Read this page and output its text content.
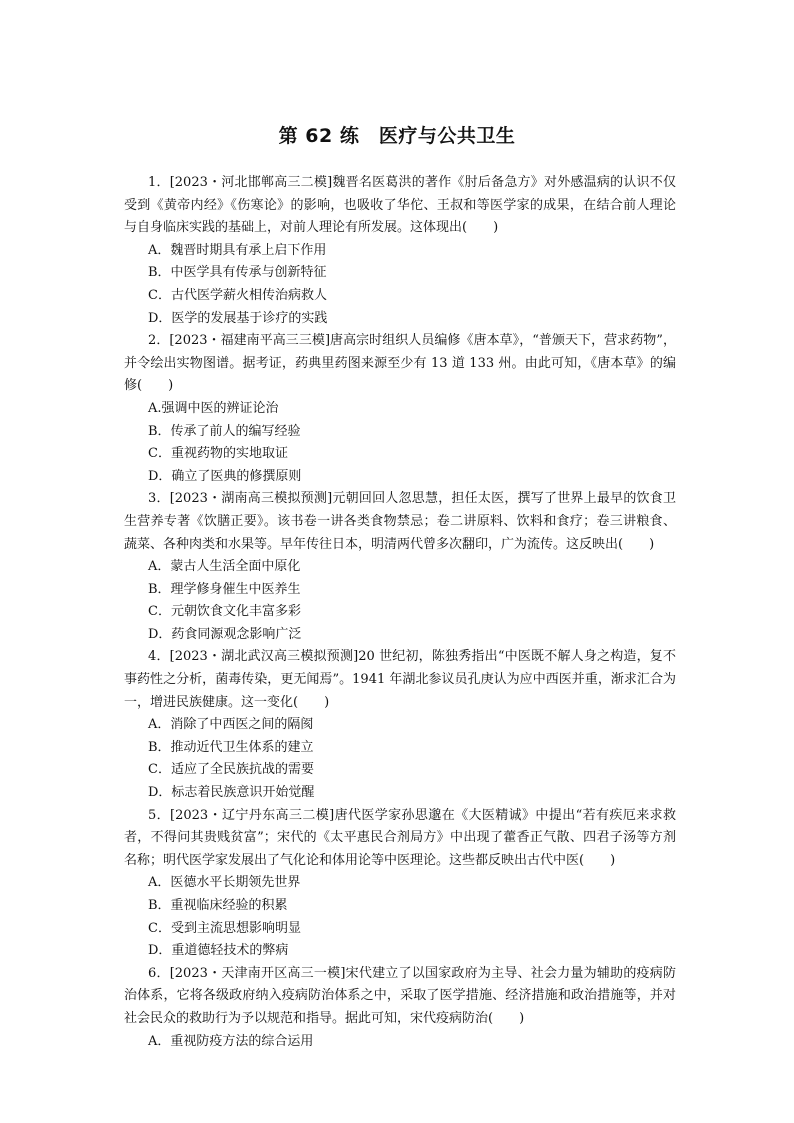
第 62 练　医疗与公共卫生

1．[2023・河北邯郸高三二模]魏晋名医葛洪的著作《肘后备急方》对外感温病的认识不仅受到《黄帝内经》《伤寒论》的影响，也吸收了华佗、王叔和等医学家的成果，在结合前人理论与自身临床实践的基础上，对前人理论有所发展。这体现出(　　)

A．魏晋时期具有承上启下作用

B．中医学具有传承与创新特征

C．古代医学薪火相传治病救人

D．医学的发展基于诊疗的实践

2．[2023・福建南平高三三模]唐高宗时组织人员编修《唐本草》，“普颁天下，营求药物”，并令绘出实物图谱。据考证，药典里药图来源至少有 13 道 133 州。由此可知，《唐本草》的编修(　　)

A.强调中医的辨证论治

B．传承了前人的编写经验

C．重视药物的实地取证

D．确立了医典的修撰原则

3．[2023・湖南高三模拟预测]元朝回回人忽思慧，担任太医，撰写了世界上最早的饮食卫生营养专著《饮膳正要》。该书卷一讲各类食物禁忌；卷二讲原料、饮料和食疗；卷三讲粮食、蔬菜、各种肉类和水果等。早年传往日本，明清两代曾多次翻印，广为流传。这反映出(　　)

A．蒙古人生活全面中原化

B．理学修身催生中医养生

C．元朝饮食文化丰富多彩

D．药食同源观念影响广泛

4．[2023・湖北武汉高三模拟预测]20 世纪初，陈独秀指出“中医既不解人身之构造，复不事药性之分析，菌毒传染，更无闻焉”。1941 年湖北参议员孔庚认为应中西医并重，渐求汇合为一，增进民族健康。这一变化(　　)

A．消除了中西医之间的隔阂

B．推动近代卫生体系的建立

C．适应了全民族抗战的需要

D．标志着民族意识开始觉醒

5．[2023・辽宁丹东高三二模]唐代医学家孙思邈在《大医精诚》中提出“若有疾厄来求救者，不得问其贵贱贫富”；宋代的《太平惠民合剂局方》中出现了藿香正气散、四君子汤等方剂名称；明代医学家发展出了气化论和体用论等中医理论。这些都反映出古代中医(　　)

A．医德水平长期领先世界

B．重视临床经验的积累

C．受到主流思想影响明显

D．重道德轻技术的弊病

6．[2023・天津南开区高三一模]宋代建立了以国家政府为主导、社会力量为辅助的疫病防治体系，它将各级政府纳入疫病防治体系之中，采取了医学措施、经济措施和政治措施等，并对社会民众的救助行为予以规范和指导。据此可知，宋代疫病防治(　　)

A．重视防疫方法的综合运用
